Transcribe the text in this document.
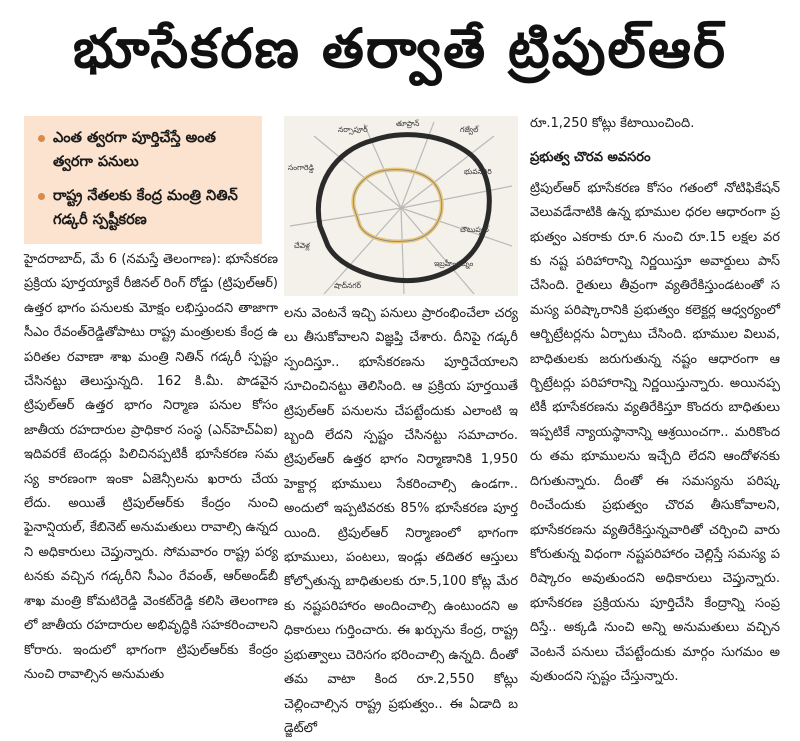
భూసేకరణ తర్వాతే ట్రిపుల్ఆర్
ఎంత త్వరగా పూర్తిచేస్తే అంత త్వరగా పనులు
రాష్ట్ర నేతలకు కేంద్ర మంత్రి నితిన్ గడ్కరీ స్పష్టీకరణ
సంగారెడ్డి
నర్సాపూర్
తూప్రాన్
గజ్వేల్
భువనగిరి
చౌటుప్పల్
ఇబ్రహీంపట్నం
షాద్‌నగర్
చేవెళ్ల

హైదరాబాద్, మే 6 (నమస్తే తెలంగాణ): భూసేకరణ ప్రక్రియ పూర్తయ్యాకే రీజినల్ రింగ్ రోడ్డు (ట్రిపుల్ఆర్) ఉత్తర భాగం పనులకు మోక్షం లభిస్తుందని తాజాగా సీఎం రేవంత్‌రెడ్డితోపాటు రాష్ట్ర మంత్రులకు కేంద్ర ఉపరితల రవాణా శాఖ మంత్రి నితిన్ గడ్కరీ స్పష్టం చేసినట్టు తెలుస్తున్నది. 162 కి.మీ. పొడవైన ట్రిపుల్ఆర్ ఉత్తర భాగం నిర్మాణ పనుల కోసం జాతీయ రహదారుల ప్రాధికార సంస్థ (ఎన్‌హెచ్ఏఐ) ఇదివరకే టెండర్లు పిలిచినప్పటికీ భూసేకరణ సమస్య కారణంగా ఇంకా ఏజెన్సీలను ఖరారు చేయలేదు. అయితే ట్రిపుల్ఆర్‌కు కేంద్రం నుంచి ఫైనాన్షియల్, కేబినెట్ అనుమతులు రావాల్సి ఉన్నదని అధికారులు చెప్తున్నారు. సోమవారం రాష్ట్ర పర్యటనకు వచ్చిన గడ్కరీని సీఎం రేవంత్, ఆర్‌అండ్‌బీ శాఖ మంత్రి కోమటిరెడ్డి వెంకట్‌రెడ్డి కలిసి తెలంగాణలో జాతీయ రహదారుల అభివృద్ధికి సహకరించాలని కోరారు. ఇందులో భాగంగా ట్రిపుల్ఆర్‌కు కేంద్రం నుంచి రావాల్సిన అనుమతు

లను వెంటనే ఇచ్చి పనులు ప్రారంభించేలా చర్యలు తీసుకోవాలని విజ్ఞప్తి చేశారు. దీనిపై గడ్కరీ స్పందిస్తూ.. భూసేకరణను పూర్తిచేయాలని సూచించినట్టు తెలిసింది. ఆ ప్రక్రియ పూర్తయితే ట్రిపుల్ఆర్ పనులను చేపట్టేందుకు ఎలాంటి ఇబ్బంది లేదని స్పష్టం చేసినట్టు సమాచారం. ట్రిపుల్ఆర్ ఉత్తర భాగం నిర్మాణానికి 1,950 హెక్టార్ల భూములు సేకరించాల్సి ఉండగా.. అందులో ఇప్పటివరకు 85% భూసేకరణ పూర్తయింది. ట్రిపుల్ఆర్ నిర్మాణంలో భాగంగా భూములు, పంటలు, ఇండ్లు తదితర ఆస్తులు కోల్పోతున్న బాధితులకు రూ.5,100 కోట్ల మేరకు నష్టపరిహారం అందించాల్సి ఉంటుందని అధికారులు గుర్తించారు. ఈ ఖర్చును కేంద్ర, రాష్ట్ర ప్రభుత్వాలు చెరిసగం భరించాల్సి ఉన్నది. దీంతో తమ వాటా కింద రూ.2,550 కోట్లు చెల్లించాల్సిన రాష్ట్ర ప్రభుత్వం.. ఈ ఏడాది బడ్జెట్‌లో

రూ.1,250 కోట్లు కేటాయించింది.

ప్రభుత్వ చొరవ అవసరం

ట్రిపుల్ఆర్ భూసేకరణ కోసం గతంలో నోటిఫికేషన్ వెలువడేనాటికి ఉన్న భూముల ధరల ఆధారంగా ప్రభుత్వం ఎకరాకు రూ.6 నుంచి రూ.15 లక్షల వరకు నష్ట పరిహారాన్ని నిర్ణయిస్తూ అవార్డులు పాస్ చేసింది. రైతులు తీవ్రంగా వ్యతిరేకిస్తుండటంతో సమస్య పరిష్కారానికి ప్రభుత్వం కలెక్టర్ల ఆధ్వర్యంలో ఆర్బిట్రేటర్లను ఏర్పాటు చేసింది. భూముల విలువ, బాధితులకు జరుగుతున్న నష్టం ఆధారంగా ఆర్బిట్రేటర్లు పరిహారాన్ని నిర్ణయిస్తున్నారు. అయినప్పటికీ భూసేకరణను వ్యతిరేకిస్తూ కొందరు బాధితులు ఇప్పటికే న్యాయస్థానాన్ని ఆశ్రయించగా.. మరికొందరు తమ భూములను ఇచ్చేది లేదని ఆందోళనకు దిగుతున్నారు. దీంతో ఈ సమస్యను పరిష్కరించేందుకు ప్రభుత్వం చొరవ తీసుకోవాలని, భూసేకరణను వ్యతిరేకిస్తున్నవారితో చర్చించి వారు కోరుతున్న విధంగా నష్టపరిహారం చెల్లిస్తే సమస్య పరిష్కారం అవుతుందని అధికారులు చెప్తున్నారు. భూసేకరణ ప్రక్రియను పూర్తిచేసి కేంద్రాన్ని సంప్రదిస్తే.. అక్కడి నుంచి అన్ని అనుమతులు వచ్చిన వెంటనే పనులు చేపట్టేందుకు మార్గం సుగమం అవుతుందని స్పష్టం చేస్తున్నారు.
